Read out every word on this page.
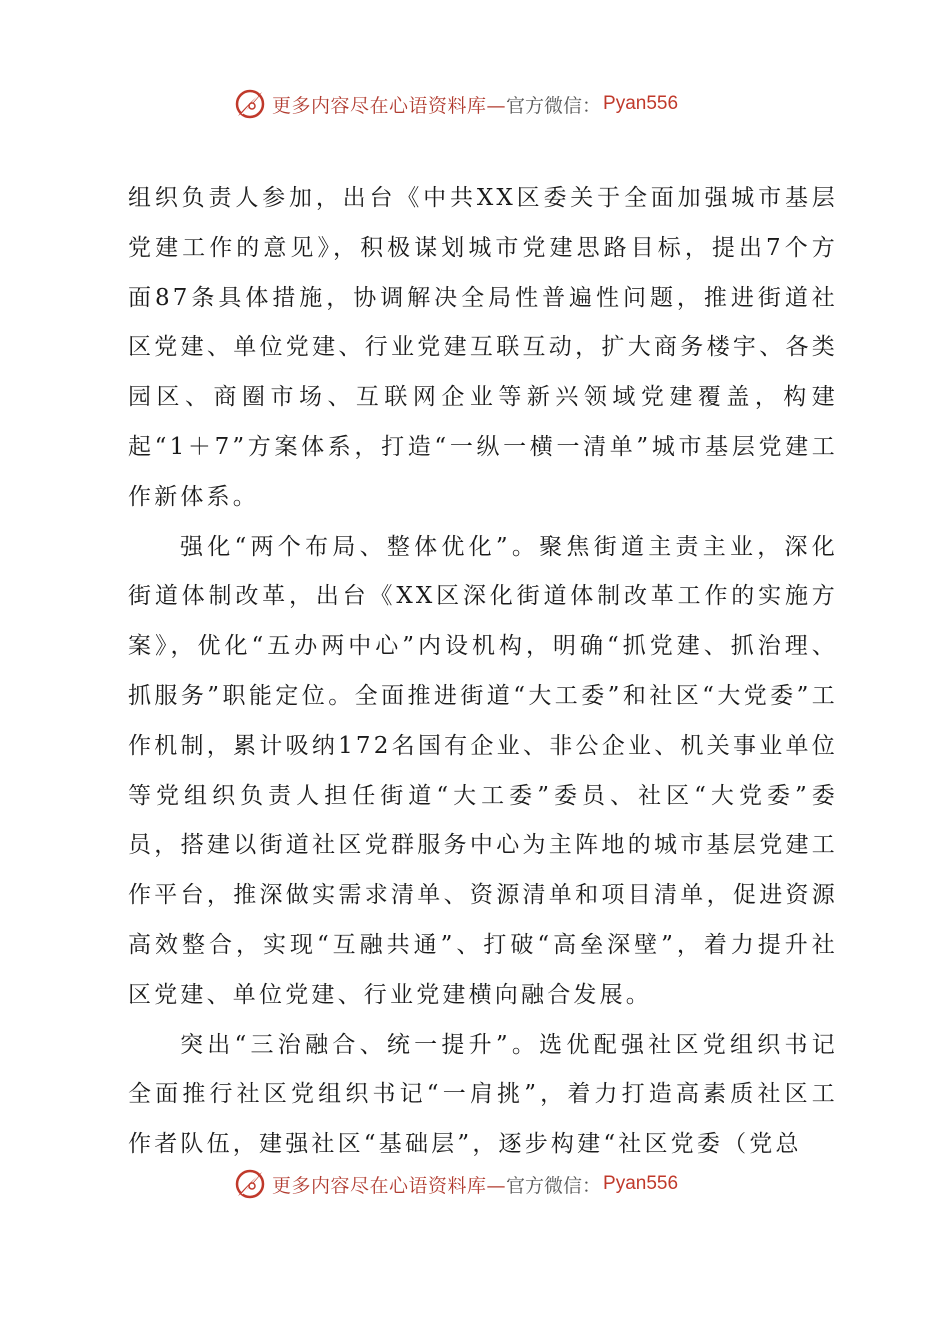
更多内容尽在心语资料库— 官方微信： Pyan556

组织负责人参加，出台《中共XX区委关于全面加强城市基层党建工作的意见》，积极谋划城市党建思路目标，提出7个方面87条具体措施，协调解决全局性普遍性问题，推进街道社区党建、单位党建、行业党建互联互动，扩大商务楼宇、各类园区、商圈市场、互联网企业等新兴领域党建覆盖，构建起“1＋7”方案体系，打造“一纵一横一清单”城市基层党建工作新体系。

强化“两个布局、整体优化”。聚焦街道主责主业，深化街道体制改革，出台《XX区深化街道体制改革工作的实施方案》，优化“五办两中心”内设机构，明确“抓党建、抓治理、抓服务”职能定位。全面推进街道“大工委”和社区“大党委”工作机制，累计吸纳172名国有企业、非公企业、机关事业单位等党组织负责人担任街道“大工委”委员、社区“大党委”委员，搭建以街道社区党群服务中心为主阵地的城市基层党建工作平台，推深做实需求清单、资源清单和项目清单，促进资源高效整合，实现“互融共通”、打破“高垒深壁”，着力提升社区党建、单位党建、行业党建横向融合发展。

突出“三治融合、统一提升”。选优配强社区党组织书记全面推行社区党组织书记“一肩挑”，着力打造高素质社区工作者队伍，建强社区“基础层”，逐步构建“社区党委（党总

更多内容尽在心语资料库— 官方微信： Pyan556
